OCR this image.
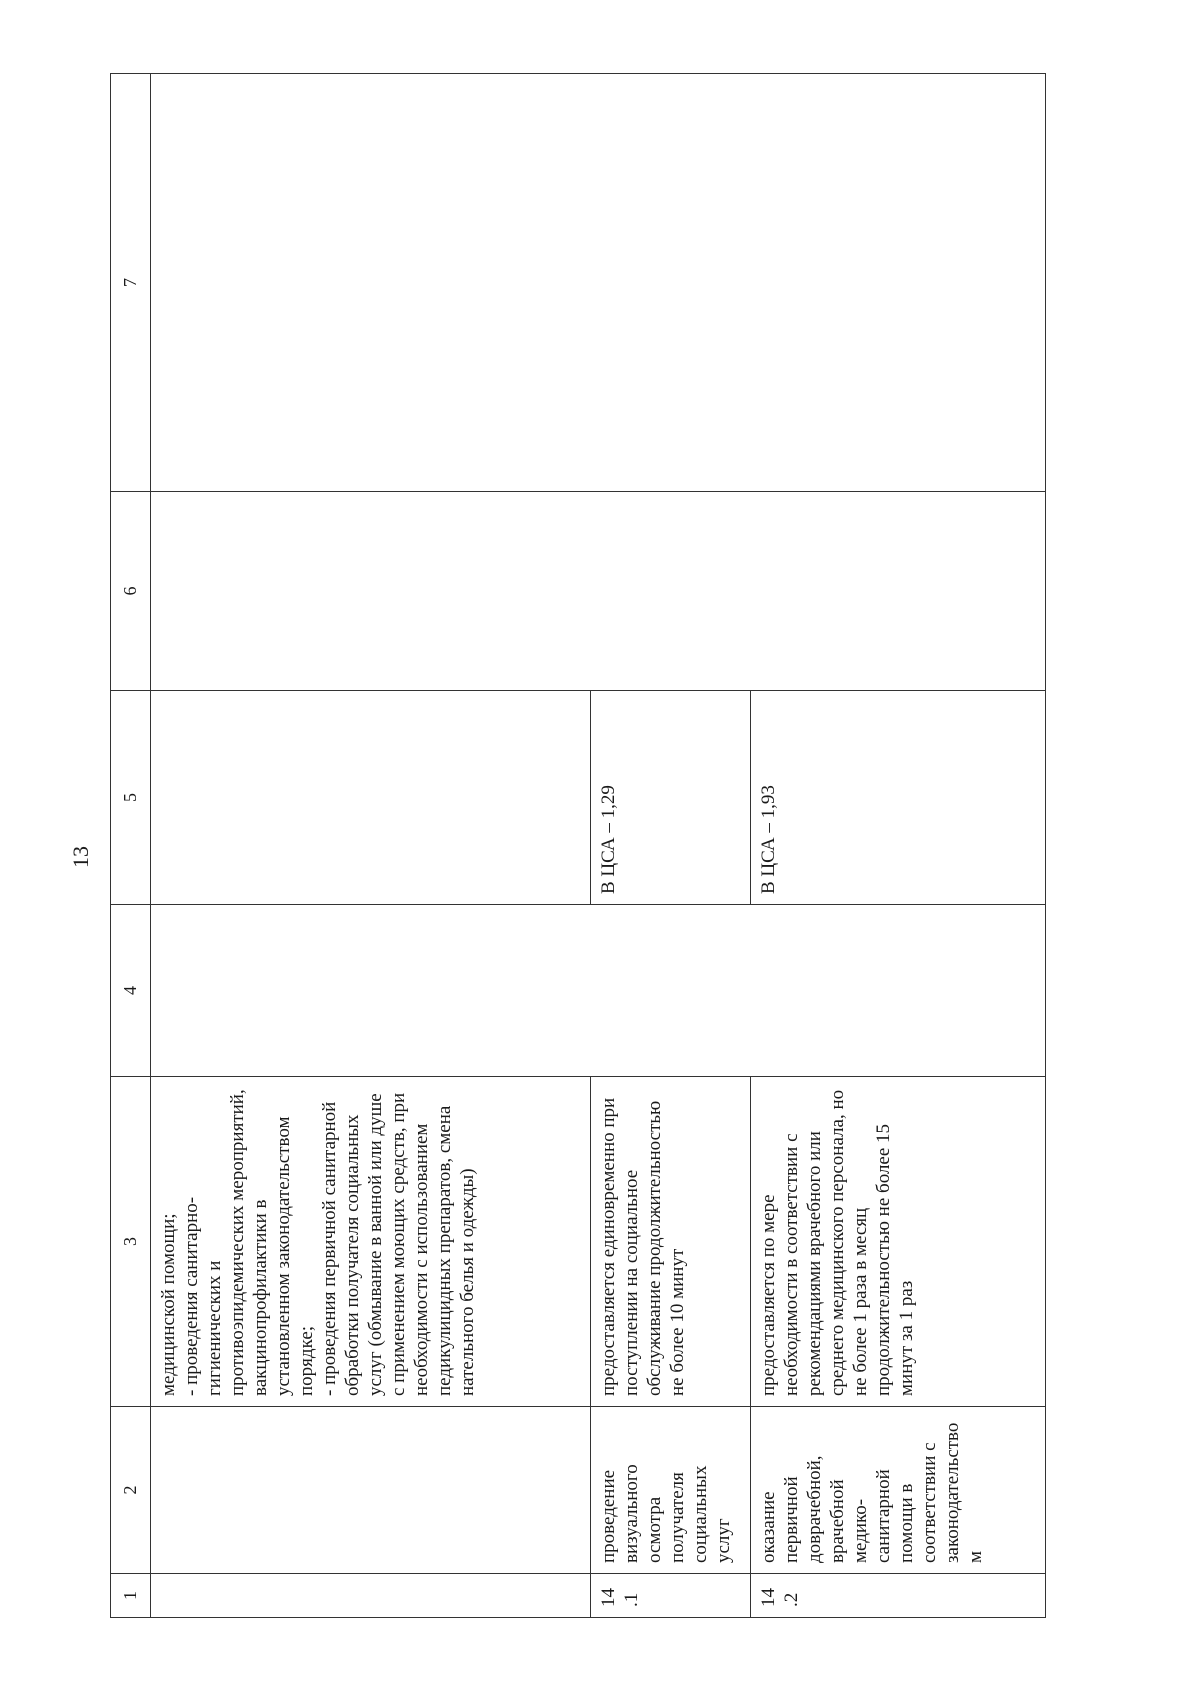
13
1	2	3	4	5	6	7
		медицинской помощи;
- проведения санитарно-гигиенических и противоэпидемических мероприятий, вакцинопрофилактики в установленном законодательством порядке;
- проведения первичной санитарной обработки получателя социальных услуг (обмывание в ванной или душе с применением моющих средств, при необходимости с использованием педикулицидных препаратов, смена нательного белья и одежды)				
14.1	проведение визуального осмотра получателя социальных услуг	предоставляется единовременно при поступлении на социальное обслуживание продолжительностью не более 10 минут		В ЦСА – 1,29		
14.2	оказание первичной доврачебной, врачебной медико-санитарной помощи в соответствии с законодательством	предоставляется по мере необходимости в соответствии с рекомендациями врачебного или среднего медицинского персонала, но не более 1 раза в месяц продолжительностью не более 15 минут за 1 раз		В ЦСА – 1,93		
